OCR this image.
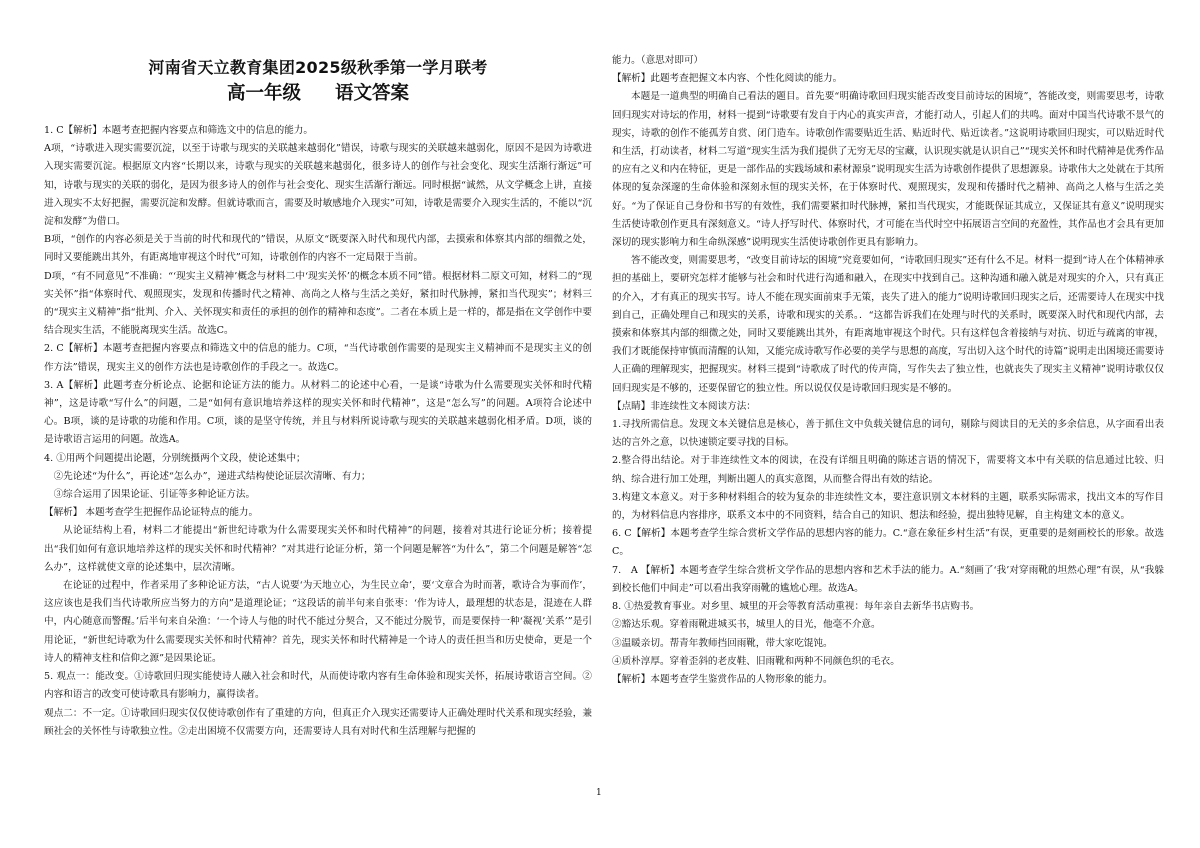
河南省天立教育集团2025级秋季第一学月联考
高一年级 语文答案

1. C【解析】本题考查把握内容要点和筛选文中的信息的能力。

A项，“诗歌进入现实需要沉淀，以至于诗歌与现实的关联越来越弱化”错误，诗歌与现实的关联越来越弱化，原因不是因为诗歌进入现实需要沉淀。根据原文内容“长期以来，诗歌与现实的关联越来越弱化，很多诗人的创作与社会变化、现实生活渐行渐远”可知，诗歌与现实的关联的弱化，是因为很多诗人的创作与社会变化、现实生活渐行渐远。同时根据“诚然，从文学概念上讲，直接进入现实不太好把握，需要沉淀和发酵。但就诗歌而言，需要及时敏感地介入现实”可知，诗歌是需要介入现实生活的，不能以“沉淀和发酵”为借口。

B项，“创作的内容必须是关于当前的时代和现代的”错误，从原文“既要深入时代和现代内部，去摸索和体察其内部的细微之处，同时又要能跳出其外，有距离地审视这个时代”可知，诗歌创作的内容不一定局限于当前。

D项，“有不同意见”不准确：“‘现实主义精神’概念与材料二中‘现实关怀’的概念本质不同”错。根据材料二原文可知，材料二的“现实关怀”指“体察时代、观照现实，发现和传播时代之精神、高尚之人格与生活之美好，紧扣时代脉搏，紧扣当代现实”；材料三的“现实主义精神”指“批判、介入、关怀现实和责任的承担的创作的精神和态度”。二者在本质上是一样的，都是指在文学创作中要结合现实生活，不能脱离现实生活。故选C。

2. C【解析】本题考查把握内容要点和筛选文中的信息的能力。C项，“当代诗歌创作需要的是现实主义精神而不是现实主义的创作方法”错误，现实主义的创作方法也是诗歌创作的手段之一。故选C。

3. A【解析】此题考查分析论点、论据和论证方法的能力。从材料二的论述中心看，一是谈“诗歌为什么需要现实关怀和时代精神”，这是诗歌“写什么”的问题，二是“如何有意识地培养这样的现实关怀和时代精神”，这是“怎么写”的问题。A项符合论述中心。B项，谈的是诗歌的功能和作用。C项，谈的是坚守传统，并且与材料所说诗歌与现实的关联越来越弱化相矛盾。D项，谈的是诗歌语言运用的问题。故选A。

4. ①用两个问题提出论题，分别统摄两个文段，使论述集中；

　②先论述“为什么”，再论述“怎么办”，递进式结构使论证层次清晰、有力；

　③综合运用了因果论证、引证等多种论证方法。

【解析】 本题考查学生把握作品论证特点的能力。

从论证结构上看，材料二才能提出“新世纪诗歌为什么需要现实关怀和时代精神”的问题，接着对其进行论证分析；接着提出“我们如何有意识地培养这样的现实关怀和时代精神？”对其进行论证分析，第一个问题是解答“为什么”，第二个问题是解答“怎么办”，这样就使文章的论述集中，层次清晰。

在论证的过程中，作者采用了多种论证方法，“古人说要‘为天地立心，为生民立命’，要‘文章合为时而著，歌诗合为事而作’，这应该也是我们当代诗歌所应当努力的方向”是道理论证；“这段话的前半句来自张枣：‘作为诗人，最理想的状态是，混迹在人群中，内心随意而警醒。’后半句来自朵渔：‘一个诗人与他的时代不能过分契合，又不能过分脱节，而是要保持一种‘凝视’关系’”是引用论证，“新世纪诗歌为什么需要现实关怀和时代精神？首先，现实关怀和时代精神是一个诗人的责任担当和历史使命，更是一个诗人的精神支柱和信仰之源”是因果论证。

5. 观点一：能改变。①诗歌回归现实能使诗人融入社会和时代，从而使诗歌内容有生命体验和现实关怀，拓展诗歌语言空间。②内容和语言的改变可使诗歌具有影响力，赢得读者。

观点二：不一定。①诗歌回归现实仅仅使诗歌创作有了重建的方向，但真正介入现实还需要诗人正确处理时代关系和现实经验，兼顾社会的关怀性与诗歌独立性。②走出困境不仅需要方向，还需要诗人具有对时代和生活理解与把握的

能力。（意思对即可）

【解析】此题考查把握文本内容、个性化阅读的能力。

本题是一道典型的明确自己看法的题目。首先要“明确诗歌回归现实能否改变目前诗坛的困境”，答能改变，则需要思考，诗歌回归现实对诗坛的作用，材料一提到“诗歌要有发自于内心的真实声音，才能打动人，引起人们的共鸣。面对中国当代诗歌不景气的现实，诗歌的创作不能孤芳自赏、闭门造车。诗歌创作需要贴近生活、贴近时代、贴近读者。”这说明诗歌回归现实，可以贴近时代和生活，打动读者，材料二写道“现实生活为我们提供了无穷无尽的宝藏，认识现实就是认识自己”“现实关怀和时代精神是优秀作品的应有之义和内在特征，更是一部作品的实践场域和素材源泉”说明现实生活为诗歌创作提供了思想源泉。诗歌伟大之处就在于其所体现的复杂深邃的生命体验和深刻永恒的现实关怀，在于体察时代、观照现实，发现和传播时代之精神、高尚之人格与生活之美好。“为了保证自己身份和书写的有效性，我们需要紧扣时代脉搏，紧扣当代现实，才能既保证其成立，又保证其有意义”说明现实生活使诗歌创作更具有深刻意义。“诗人抒写时代、体察时代，才可能在当代时空中拓展语言空间的充盈性，其作品也才会具有更加深切的现实影响力和生命纵深感”说明现实生活使诗歌创作更具有影响力。

答不能改变，则需要思考，“改变目前诗坛的困境”究竟要如何，“诗歌回归现实”还有什么不足。材料一提到“诗人在个体精神承担的基础上，要研究怎样才能够与社会和时代进行沟通和融入，在现实中找到自己。这种沟通和融入就是对现实的介入，只有真正的介入，才有真正的现实书写。诗人不能在现实面前束手无策，丧失了进入的能力”说明诗歌回归现实之后，还需要诗人在现实中找到自己，正确处理自己和现实的关系，诗歌和现实的关系。．“这都告诉我们在处理与时代的关系时，既要深入时代和现代内部，去摸索和体察其内部的细微之处，同时又要能跳出其外，有距离地审视这个时代。只有这样包含着接纳与对抗、切近与疏离的审视，我们才既能保持审慎而清醒的认知，又能完成诗歌写作必要的美学与思想的高度，写出切入这个时代的诗篇”说明走出困境还需要诗人正确的理解现实，把握现实。材料三提到“诗歌成了时代的传声筒，写作失去了独立性，也就丧失了现实主义精神”说明诗歌仅仅回归现实是不够的，还要保留它的独立性。所以说仅仅是诗歌回归现实是不够的。

【点睛】非连续性文本阅读方法：

1.寻找所需信息。发现文本关键信息是核心，善于抓住文中负载关键信息的词句，剔除与阅读目的无关的多余信息，从字面看出表达的言外之意，以快速锁定要寻找的目标。

2.整合得出结论。对于非连续性文本的阅读，在没有详细且明确的陈述言语的情况下，需要将文本中有关联的信息通过比较、归纳、综合进行加工处理，判断出题人的真实意图，从而整合得出有效的结论。

3.构建文本意义。对于多种材料组合的较为复杂的非连续性文本，要注意识别文本材料的主题，联系实际需求，找出文本的写作目的，为材料信息内容排序，联系文本中的不同资料，结合自己的知识、想法和经验，提出独特见解，自主构建文本的意义。

6. C【解析】本题考查学生综合赏析文学作品的思想内容的能力。C.“意在象征乡村生活”有误，更重要的是刻画校长的形象。故选C。

7.　A 【解析】本题考查学生综合赏析文学作品的思想内容和艺术手法的能力。A.“刻画了‘我’对穿雨靴的坦然心理”有误，从“我躲到校长他们中间走”可以看出我穿雨靴的尴尬心理。故选A。

8. ①热爱教育事业。对乡里、城里的开会等教育活动重视：每年亲自去新华书店购书。

②豁达乐观。穿着雨靴进城买书，城里人的目光，他毫不介意。

③温暖亲切。帮青年教师挡回雨靴，带大家吃馄饨。

④质朴淳厚。穿着歪斜的老皮鞋、旧雨靴和两种不同颜色织的毛衣。

【解析】本题考查学生鉴赏作品的人物形象的能力。

1
